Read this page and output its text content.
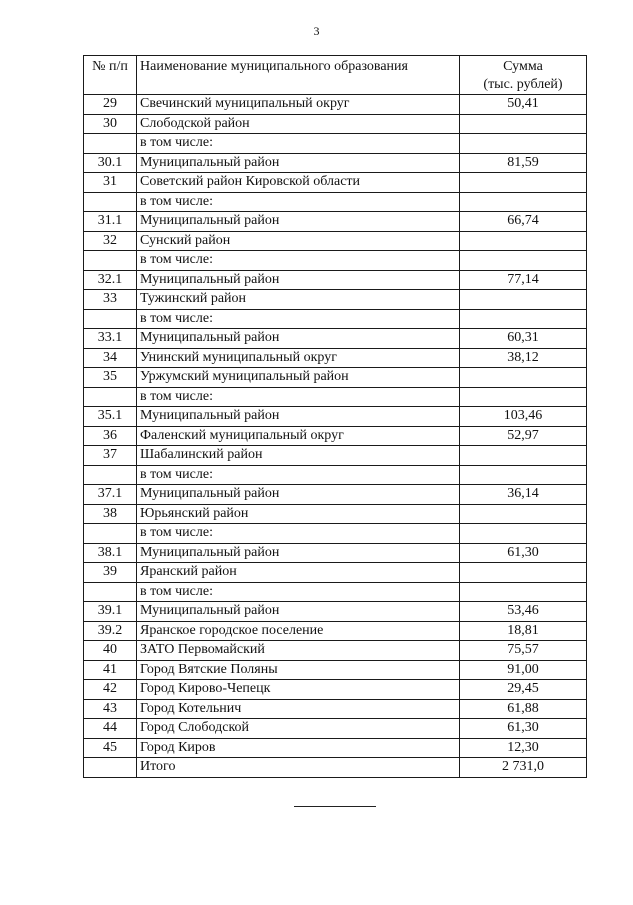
3
№ п/п	Наименование муниципального образования	Сумма
(тыс. рублей)
29	Свечинский муниципальный округ	50,41
30	Слободской район	
	в том числе:	
30.1	Муниципальный район	81,59
31	Советский район Кировской области	
	в том числе:	
31.1	Муниципальный район	66,74
32	Сунский район	
	в том числе:	
32.1	Муниципальный район	77,14
33	Тужинский район	
	в том числе:	
33.1	Муниципальный район	60,31
34	Унинский муниципальный округ	38,12
35	Уржумский муниципальный район	
	в том числе:	
35.1	Муниципальный район	103,46
36	Фаленский муниципальный округ	52,97
37	Шабалинский район	
	в том числе:	
37.1	Муниципальный район	36,14
38	Юрьянский район	
	в том числе:	
38.1	Муниципальный район	61,30
39	Яранский район	
	в том числе:	
39.1	Муниципальный район	53,46
39.2	Яранское городское поселение	18,81
40	ЗАТО Первомайский	75,57
41	Город Вятские Поляны	91,00
42	Город Кирово-Чепецк	29,45
43	Город Котельнич	61,88
44	Город Слободской	61,30
45	Город Киров	12,30
	Итого	2 731,0
